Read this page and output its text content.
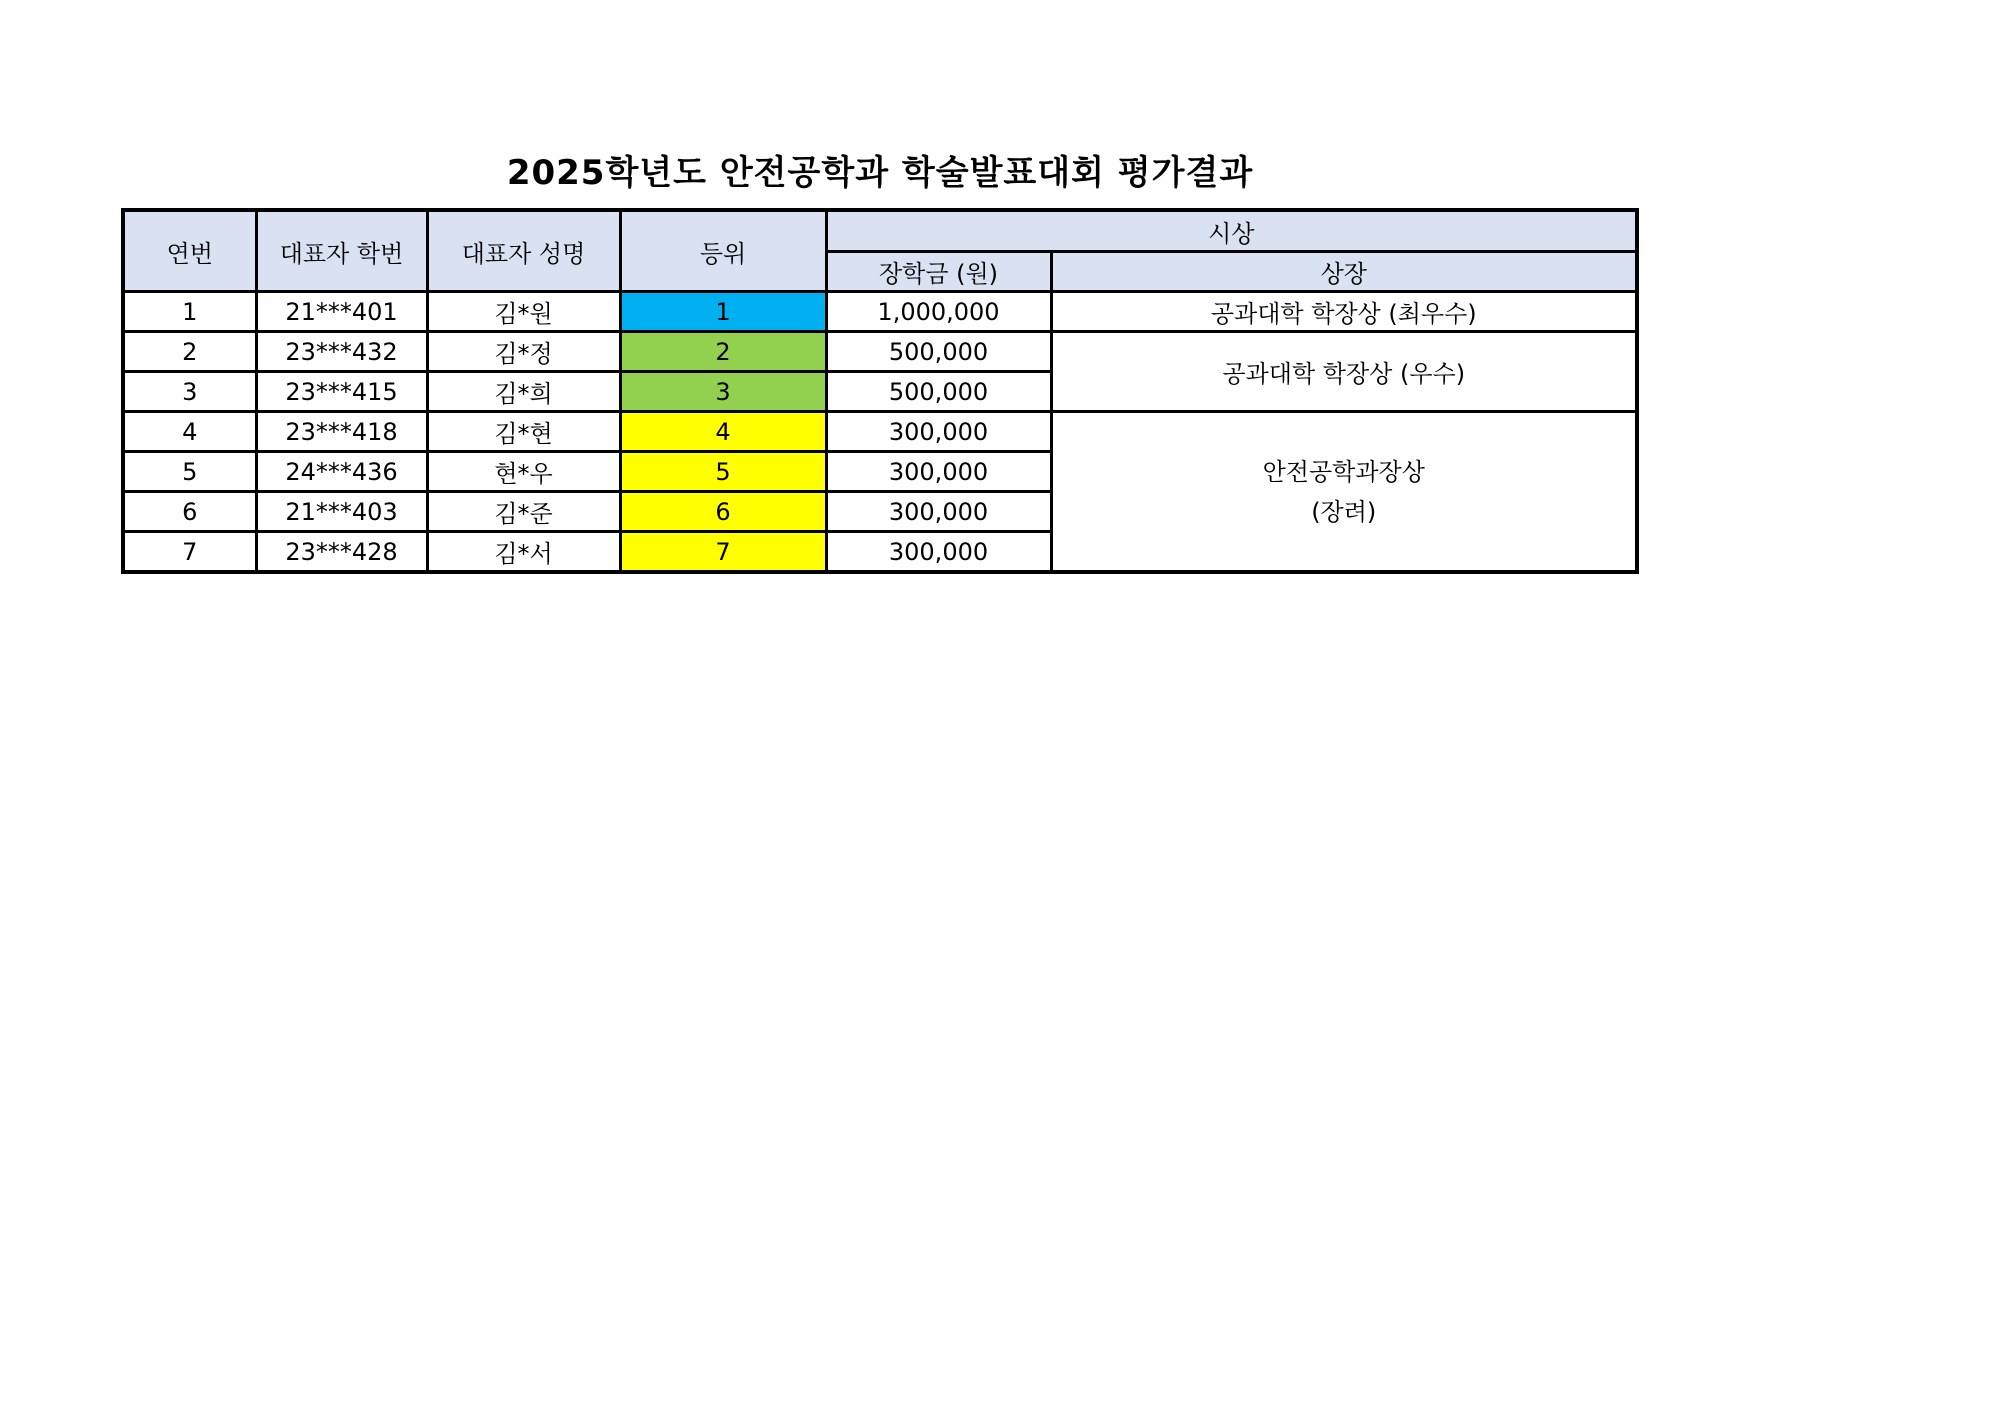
2025학년도 안전공학과 학술발표대회 평가결과
연번	대표자 학번	대표자 성명	등위	시상	
				장학금 (원)	상장
1	21***401	김*원	1	1,000,000	공과대학 학장상 (최우수)
2	23***432	김*정	2	500,000	공과대학 학장상 (우수)
3	23***415	김*희	3	500,000	
4	23***418	김*현	4	300,000	안전공학과장상
(장려)

5	24***436	현*우	5	300,000	
6	21***403	김*준	6	300,000	
7	23***428	김*서	7	300,000	
